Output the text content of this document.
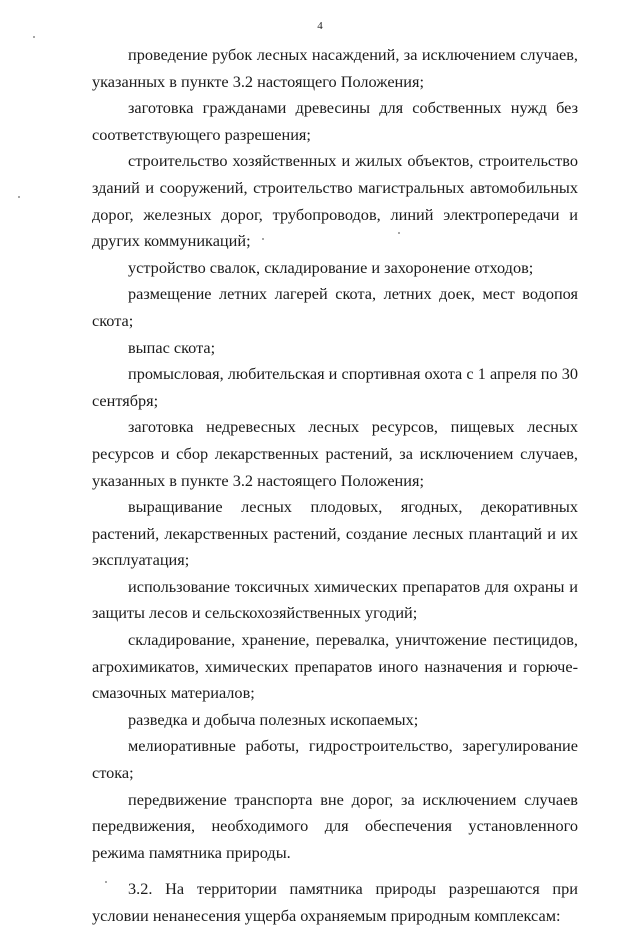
4

проведение рубок лесных насаждений, за исключением случаев, указанных в пункте 3.2 настоящего Положения;

заготовка гражданами древесины для собственных нужд без соответствующего разрешения;

строительство хозяйственных и жилых объектов, строительство зданий и сооружений, строительство магистральных автомобильных дорог, железных дорог, трубопроводов, линий электропередачи и других коммуникаций;

устройство свалок, складирование и захоронение отходов;

размещение летних лагерей скота, летних доек, мест водопоя скота;

выпас скота;

промысловая, любительская и спортивная охота с 1 апреля по 30 сентября;

заготовка недревесных лесных ресурсов, пищевых лесных ресурсов и сбор лекарственных растений, за исключением случаев, указанных в пункте 3.2 настоящего Положения;

выращивание лесных плодовых, ягодных, декоративных растений, лекарственных растений, создание лесных плантаций и их эксплуатация;

использование токсичных химических препаратов для охраны и защиты лесов и сельскохозяйственных угодий;

складирование, хранение, перевалка, уничтожение пестицидов, агрохимикатов, химических препаратов иного назначения и горюче-смазочных материалов;

разведка и добыча полезных ископаемых;

мелиоративные работы, гидростроительство, зарегулирование стока;

передвижение транспорта вне дорог, за исключением случаев передвижения, необходимого для обеспечения установленного режима памятника природы.

3.2. На территории памятника природы разрешаются при условии ненанесения ущерба охраняемым природным комплексам:
